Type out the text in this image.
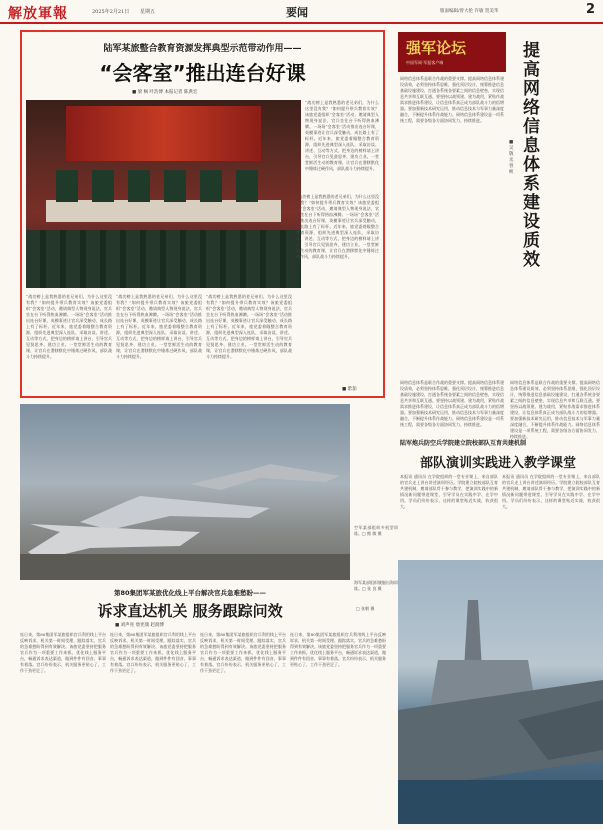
解放軍報	2025年2月21日 星期五	要闻	版面编辑/曾大伦 许敏 贺美华	2
陆军某旅整合教育资源发挥典型示范带动作用——
“会客室”推出连台好课
■ 梁 枫 叶浩博 本报记者 陈典宏
“战功榜上是我熟悉的老兄弟们，为什么这里没有我？”如何提升带兵教育实效？该旅党委组织“会客室”活动，邀请典型人物现身说法，官兵坐在台下听得热血沸腾。一场场“会客室”活动推出连台好课，英模事迹让官兵深受触动，成长路上有了标杆。近年来，旅党委着眼整合教育资源，组织先进典型深入连队，采取访谈、讲述、互动等方式，把身边的榜样请上讲台，引导官兵见贤思齐、建功立业。一堂堂鲜活生动的教育课，让官兵在潜移默化中锤炼过硬作风，部队战斗力持续提升。
“战功榜上是我熟悉的老兄弟们，为什么这里没有我？”如何提升带兵教育实效？该旅党委组织“会客室”活动，邀请典型人物现身说法，官兵坐在台下听得热血沸腾。一场场“会客室”活动推出连台好课，英模事迹让官兵深受触动，成长路上有了标杆。近年来，旅党委着眼整合教育资源，组织先进典型深入连队，采取访谈、讲述、互动等方式，把身边的榜样请上讲台，引导官兵见贤思齐、建功立业。一堂堂鲜活生动的教育课，让官兵在潜移默化中锤炼过硬作风，部队战斗力持续提升。
“战功榜上是我熟悉的老兄弟们，为什么这里没有我？”如何提升带兵教育实效？该旅党委组织“会客室”活动，邀请典型人物现身说法，官兵坐在台下听得热血沸腾。一场场“会客室”活动推出连台好课，英模事迹让官兵深受触动，成长路上有了标杆。近年来，旅党委着眼整合教育资源，组织先进典型深入连队，采取访谈、讲述、互动等方式，把身边的榜样请上讲台，引导官兵见贤思齐、建功立业。一堂堂鲜活生动的教育课，让官兵在潜移默化中锤炼过硬作风，部队战斗力持续提升。
“战功榜上是我熟悉的老兄弟们，为什么这里没有我？”如何提升带兵教育实效？该旅党委组织“会客室”活动，邀请典型人物现身说法，官兵坐在台下听得热血沸腾。一场场“会客室”活动推出连台好课，英模事迹让官兵深受触动，成长路上有了标杆。近年来，旅党委着眼整合教育资源，组织先进典型深入连队，采取访谈、讲述、互动等方式，把身边的榜样请上讲台，引导官兵见贤思齐、建功立业。一堂堂鲜活生动的教育课，让官兵在潜移默化中锤炼过硬作风，部队战斗力持续提升。
“战功榜上是我熟悉的老兄弟们，为什么这里没有我？”如何提升带兵教育实效？该旅党委组织“会客室”活动，邀请典型人物现身说法，官兵坐在台下听得热血沸腾。一场场“会客室”活动推出连台好课，英模事迹让官兵深受触动，成长路上有了标杆。近年来，旅党委着眼整合教育资源，组织先进典型深入连队，采取访谈、讲述、互动等方式，把身边的榜样请上讲台，引导官兵见贤思齐、建功立业。一堂堂鲜活生动的教育课，让官兵在潜移默化中锤炼过硬作风，部队战斗力持续提升。
■ 紫茄
强军论坛
中国军网·军报客户端
网络信息体系是联合作战的重要支撑。提高网络信息体系建设质效，必须坚持体系思维，强化顶层设计，统筹推进信息基础设施建设，打通各系统各要素之间的信息壁垒，实现信息共享和互联互通。要坚持以战领建、建为战用，紧贴作战需求推进体系建设，让信息体系真正成为部队战斗力的倍增器。要加强新技术研究运用，推动信息技术与军事力量深度融合，不断提升体系作战能力。网络信息体系建设是一项系统工程，需要各级各方面协同发力、持续推进。
■ 吴敬丞 曾桢
提高网络信息体系建设质效
网络信息体系是联合作战的重要支撑。提高网络信息体系建设质效，必须坚持体系思维，强化顶层设计，统筹推进信息基础设施建设，打通各系统各要素之间的信息壁垒，实现信息共享和互联互通。要坚持以战领建、建为战用，紧贴作战需求推进体系建设，让信息体系真正成为部队战斗力的倍增器。要加强新技术研究运用，推动信息技术与军事力量深度融合，不断提升体系作战能力。网络信息体系建设是一项系统工程，需要各级各方面协同发力、持续推进。
网络信息体系是联合作战的重要支撑。提高网络信息体系建设质效，必须坚持体系思维，强化顶层设计，统筹推进信息基础设施建设，打通各系统各要素之间的信息壁垒，实现信息共享和互联互通。要坚持以战领建、建为战用，紧贴作战需求推进体系建设，让信息体系真正成为部队战斗力的倍增器。要加强新技术研究运用，推动信息技术与军事力量深度融合，不断提升体系作战能力。网络信息体系建设是一项系统工程，需要各级各方面协同发力、持续推进。
陆军炮兵防空兵学院建立院校部队互育共建机制
部队演训实践进入教学课堂
本报讯 通讯员 在学院组织的一堂专业课上，来自部队的官兵走上讲台讲述演训经历。学院建立院校部队互育共建机制，邀请部队骨干参与教学，把演训实践中的新情况新问题带进课堂，引导学员在实践中学、在学中用。学员们纷纷表示，这样的课堂贴近实战，收获很大。
本报讯 通讯员 在学院组织的一堂专业课上，来自部队的官兵走上讲台讲述演训经历。学院建立院校部队互育共建机制，邀请部队骨干参与教学，把演训实践中的新情况新问题带进课堂，引导学员在实践中学、在学中用。学员们纷纷表示，这样的课堂贴近实战，收获很大。
空军某部组织多机型训练。□ 熊 敏 摄
第80集团军某旅优化线上平台解决官兵急难愁盼——
诉求直达机关 服务跟踪问效
■ 刘声亮 詹宪康 赵润博
连日来，第80集团军某旅组织官兵利用线上平台反映诉求，机关第一时间受理、跟踪落实，官兵的急难愁盼得到有效解决。该旅党委坚持把服务官兵作为一项重要工作来抓，优化线上服务平台，畅通诉求表达渠道，做到件件有回音、事事有着落。官兵纷纷表示，机关服务更贴心了，工作干劲更足了。
连日来，第80集团军某旅组织官兵利用线上平台反映诉求，机关第一时间受理、跟踪落实，官兵的急难愁盼得到有效解决。该旅党委坚持把服务官兵作为一项重要工作来抓，优化线上服务平台，畅通诉求表达渠道，做到件件有回音、事事有着落。官兵纷纷表示，机关服务更贴心了，工作干劲更足了。
连日来，第80集团军某旅组织官兵利用线上平台反映诉求，机关第一时间受理、跟踪落实，官兵的急难愁盼得到有效解决。该旅党委坚持把服务官兵作为一项重要工作来抓，优化线上服务平台，畅通诉求表达渠道，做到件件有回音、事事有着落。官兵纷纷表示，机关服务更贴心了，工作干劲更足了。
连日来，第80集团军某旅组织官兵利用线上平台反映诉求，机关第一时间受理、跟踪落实，官兵的急难愁盼得到有效解决。该旅党委坚持把服务官兵作为一项重要工作来抓，优化线上服务平台，畅通诉求表达渠道，做到件件有回音、事事有着落。官兵纷纷表示，机关服务更贴心了，工作干劲更足了。
海军某部组织舰艇出海训练。□ 张 良 摄
□ 张朝 摄
